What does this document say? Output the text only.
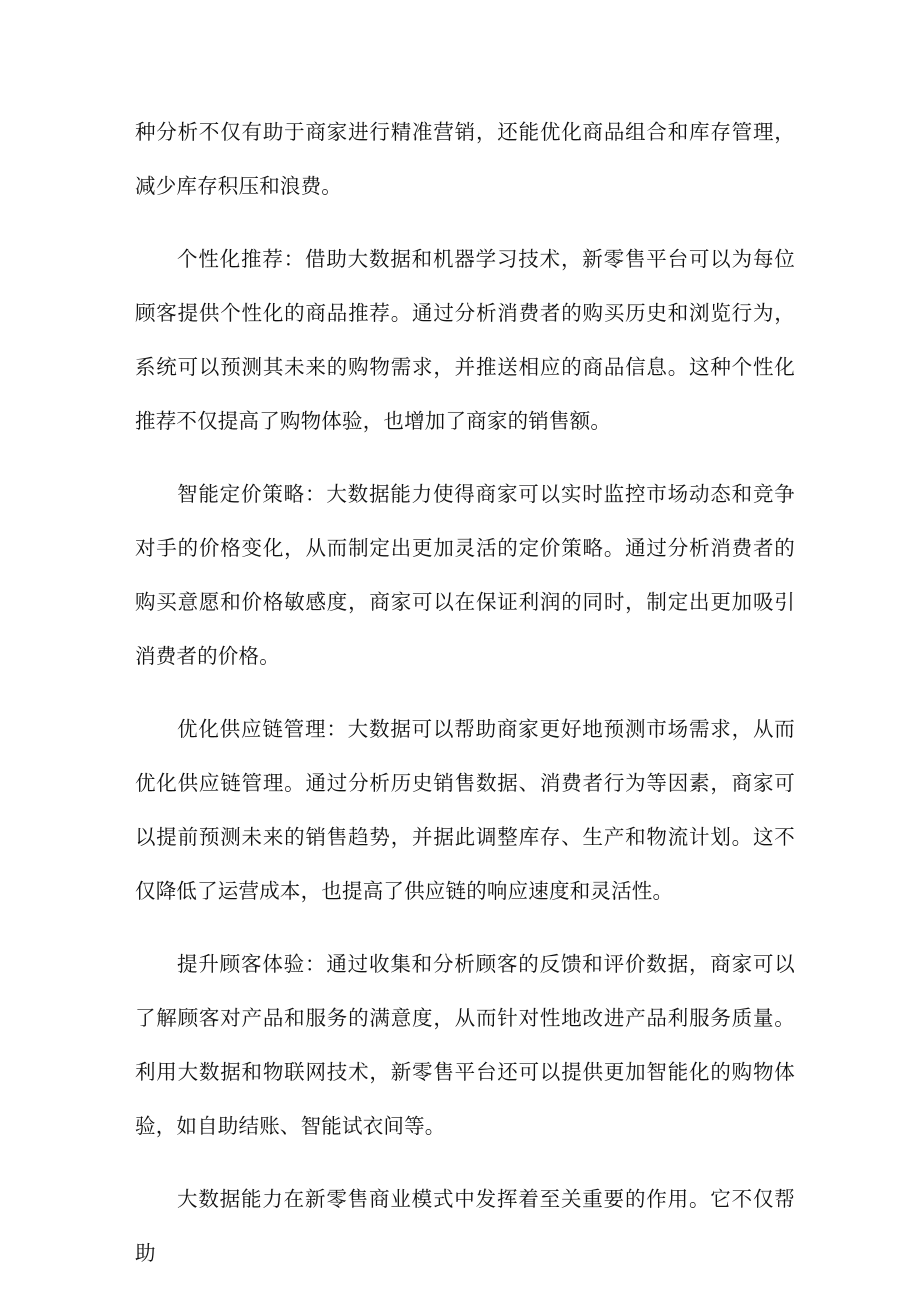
种分析不仅有助于商家进行精准营销，还能优化商品组合和库存管理，减少库存积压和浪费。

个性化推荐：借助大数据和机器学习技术，新零售平台可以为每位顾客提供个性化的商品推荐。通过分析消费者的购买历史和浏览行为，系统可以预测其未来的购物需求，并推送相应的商品信息。这种个性化推荐不仅提高了购物体验，也增加了商家的销售额。

智能定价策略：大数据能力使得商家可以实时监控市场动态和竞争对手的价格变化，从而制定出更加灵活的定价策略。通过分析消费者的购买意愿和价格敏感度，商家可以在保证利润的同时，制定出更加吸引消费者的价格。

优化供应链管理：大数据可以帮助商家更好地预测市场需求，从而优化供应链管理。通过分析历史销售数据、消费者行为等因素，商家可以提前预测未来的销售趋势，并据此调整库存、生产和物流计划。这不仅降低了运营成本，也提高了供应链的响应速度和灵活性。

提升顾客体验：通过收集和分析顾客的反馈和评价数据，商家可以了解顾客对产品和服务的满意度，从而针对性地改进产品利服务质量。利用大数据和物联网技术，新零售平台还可以提供更加智能化的购物体验，如自助结账、智能试衣间等。

大数据能力在新零售商业模式中发挥着至关重要的作用。它不仅帮助
